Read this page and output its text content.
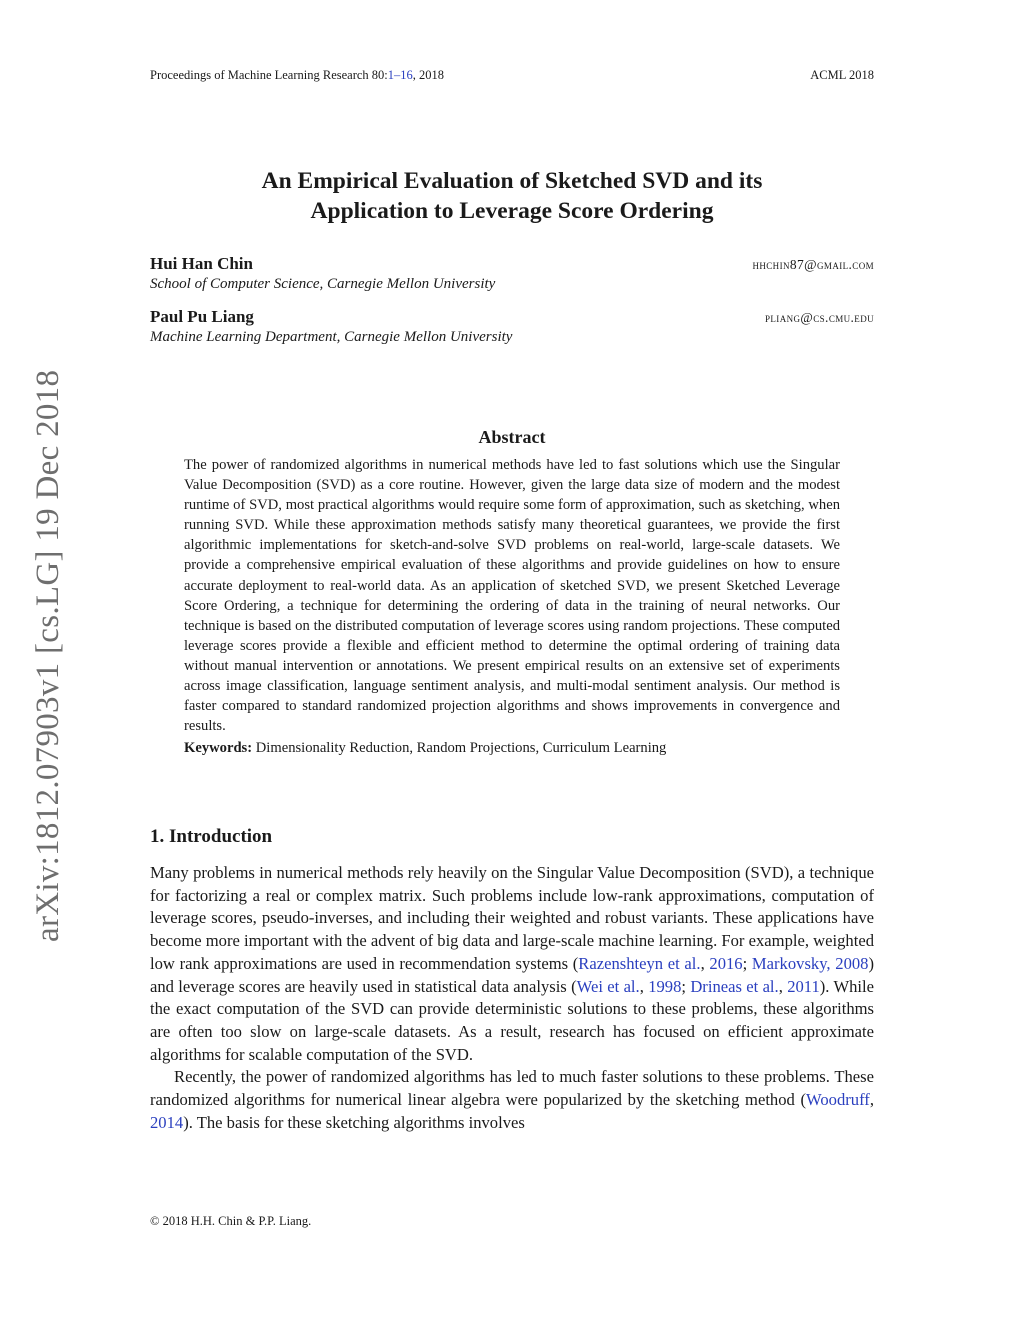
Proceedings of Machine Learning Research 80:1–16, 2018	ACML 2018
arXiv:1812.07903v1 [cs.LG] 19 Dec 2018
An Empirical Evaluation of Sketched SVD and its
Application to Leverage Score Ordering
Hui Han Chin	hhchin87@gmail.com
School of Computer Science, Carnegie Mellon University
Paul Pu Liang	pliang@cs.cmu.edu
Machine Learning Department, Carnegie Mellon University
Abstract
The power of randomized algorithms in numerical methods have led to fast solutions which use the Singular Value Decomposition (SVD) as a core routine. However, given the large data size of modern and the modest runtime of SVD, most practical algorithms would require some form of approximation, such as sketching, when running SVD. While these approximation methods satisfy many theoretical guarantees, we provide the first algorithmic implementations for sketch-and-solve SVD problems on real-world, large-scale datasets. We provide a comprehensive empirical evaluation of these algorithms and provide guidelines on how to ensure accurate deployment to real-world data. As an application of sketched SVD, we present Sketched Leverage Score Ordering, a technique for determining the ordering of data in the training of neural networks. Our technique is based on the distributed computation of leverage scores using random projections. These computed leverage scores provide a flexible and efficient method to determine the optimal ordering of training data without manual intervention or annotations. We present empirical results on an extensive set of experiments across image classification, language sentiment analysis, and multi-modal sentiment analysis. Our method is faster compared to standard randomized projection algorithms and shows improvements in convergence and results.
Keywords: Dimensionality Reduction, Random Projections, Curriculum Learning
1. Introduction

Many problems in numerical methods rely heavily on the Singular Value Decomposition (SVD), a technique for factorizing a real or complex matrix. Such problems include low-rank approximations, computation of leverage scores, pseudo-inverses, and including their weighted and robust variants. These applications have become more important with the advent of big data and large-scale machine learning. For example, weighted low rank approximations are used in recommendation systems (Razenshteyn et al., 2016; Markovsky, 2008) and leverage scores are heavily used in statistical data analysis (Wei et al., 1998; Drineas et al., 2011). While the exact computation of the SVD can provide deterministic solutions to these problems, these algorithms are often too slow on large-scale datasets. As a result, research has focused on efficient approximate algorithms for scalable computation of the SVD.

Recently, the power of randomized algorithms has led to much faster solutions to these problems. These randomized algorithms for numerical linear algebra were popularized by the sketching method (Woodruff, 2014). The basis for these sketching algorithms involves

© 2018 H.H. Chin & P.P. Liang.
